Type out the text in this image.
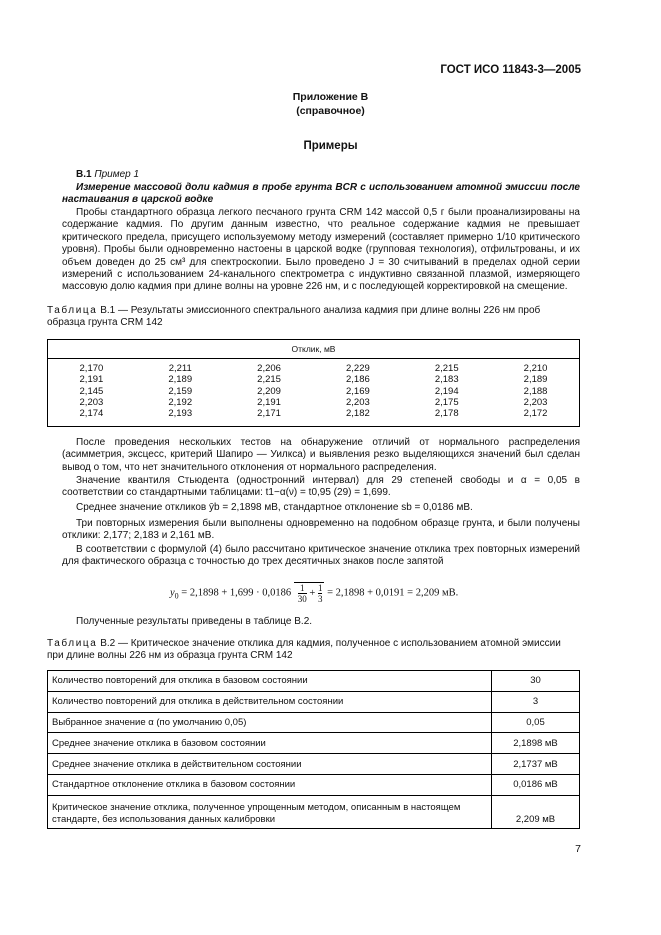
ГОСТ ИСО 11843-3—2005
Приложение В
(справочное)
Примеры

В.1 Пример 1

Измерение массовой доли кадмия в пробе грунта BCR с использованием атомной эмиссии после настаивания в царской водке

Пробы стандартного образца легкого песчаного грунта CRM 142 массой 0,5 г были проанализированы на содержание кадмия. По другим данным известно, что реальное содержание кадмия не превышает критического предела, присущего используемому методу измерений (составляет примерно 1/10 критического уровня). Пробы были одновременно настоены в царской водке (групповая технология), отфильтрованы, и их объем доведен до 25 см³ для спектроскопии. Было проведено J = 30 считываний в пределах одной серии измерений с использованием 24-канального спектрометра с индуктивно связанной плазмой, измеряющего массовую долю кадмия при длине волны на уровне 226 нм, и с последующей корректировкой на смещение.

Таблица В.1 — Результаты эмиссионного спектрального анализа кадмия при длине волны 226 нм проб образца грунта CRM 142

Отклик, мВ					

2,170	2,211	2,206	2,229	2,215	2,210
2,191	2,189	2,215	2,186	2,183	2,189
2,145	2,159	2,209	2,169	2,194	2,188
2,203	2,192	2,191	2,203	2,175	2,203
2,174	2,193	2,171	2,182	2,178	2,172

После проведения нескольких тестов на обнаружение отличий от нормального распределения (асимметрия, эксцесс, критерий Шапиро — Уилкса) и выявления резко выделяющихся значений был сделан вывод о том, что нет значительного отклонения от нормального распределения.

Значение квантиля Стьюдента (одностронний интервал) для 29 степеней свободы и α = 0,05 в соответствии со стандартными таблицами: t1−α(ν) = t0,95 (29) = 1,699.

Среднее значение откликов ȳb = 2,1898 мВ, стандартное отклонение sb = 0,0186 мВ.

Три повторных измерения были выполнены одновременно на подобном образце грунта, и были получены отклики: 2,177; 2,183 и 2,161 мВ.

В соответствии с формулой (4) было рассчитано критическое значение отклика трех повторных измерений для фактического образца с точностью до трех десятичных знаков после запятой

$y_0 = 2,1898 + 1,699 \cdot 0,0186 \frac{1}{30} + \frac{1}{3} = 2,1898 + 0,0191 = 2,209$ мВ.

Полученные результаты приведены в таблице В.2.

Таблица В.2 — Критическое значение отклика для кадмия, полученное с использованием атомной эмиссии при длине волны 226 нм из образца грунта CRM 142

Количество повторений для отклика в базовом состоянии	30
Количество повторений для отклика в действительном состоянии	3
Выбранное значение α (по умолчанию 0,05)	0,05
Среднее значение отклика в базовом состоянии	2,1898 мВ
Среднее значение отклика в действительном состоянии	2,1737 мВ
Стандартное отклонение отклика в базовом состоянии	0,0186 мВ
Критическое значение отклика, полученное упрощенным методом, описанным в настоящем стандарте, без использования данных калибровки	2,209 мВ
7
